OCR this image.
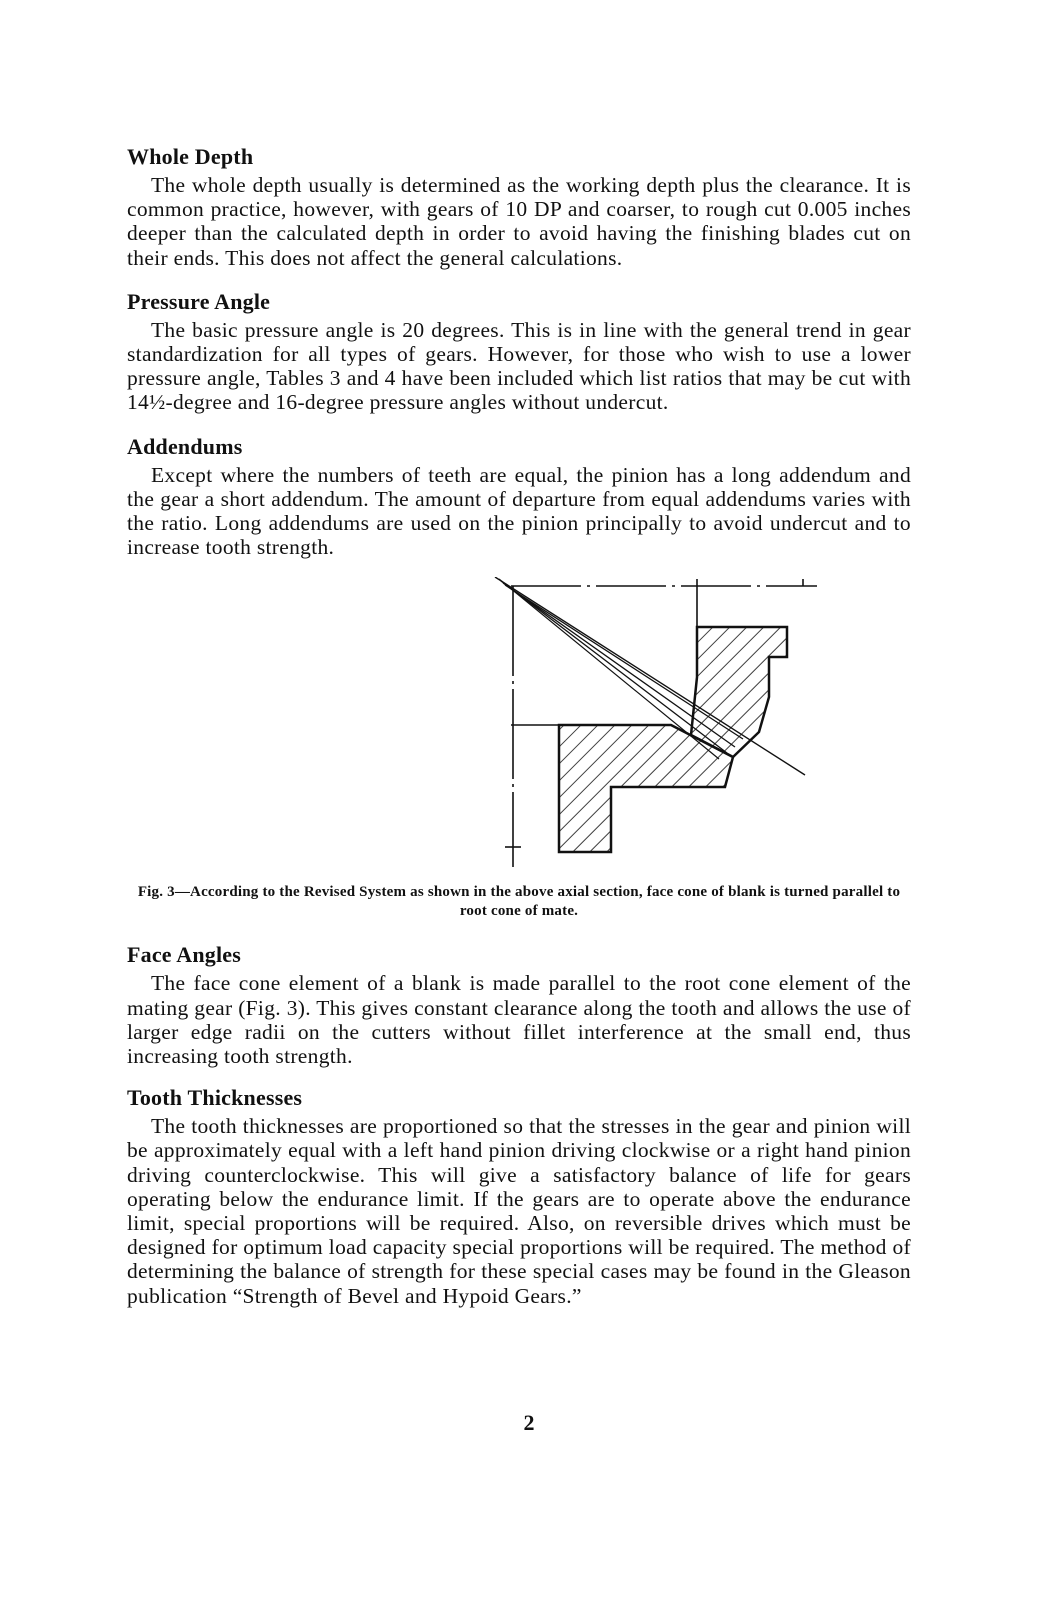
Whole Depth

The whole depth usually is determined as the working depth plus the clearance. It is common practice, however, with gears of 10 DP and coarser, to rough cut 0.005 inches deeper than the calculated depth in order to avoid having the finishing blades cut on their ends. This does not affect the general calculations.

Pressure Angle

The basic pressure angle is 20 degrees. This is in line with the general trend in gear standardization for all types of gears. However, for those who wish to use a lower pressure angle, Tables 3 and 4 have been included which list ratios that may be cut with 14½-degree and 16-degree pressure angles without undercut.

Addendums

Except where the numbers of teeth are equal, the pinion has a long addendum and the gear a short addendum. The amount of departure from equal addendums varies with the ratio. Long addendums are used on the pinion principally to avoid undercut and to increase tooth strength.

Fig. 3—According to the Revised System as shown in the above axial section, face cone of blank is turned parallel to root cone of mate.
Face Angles

The face cone element of a blank is made parallel to the root cone element of the mating gear (Fig. 3). This gives constant clearance along the tooth and allows the use of larger edge radii on the cutters without fillet interference at the small end, thus increasing tooth strength.

Tooth Thicknesses

The tooth thicknesses are proportioned so that the stresses in the gear and pinion will be approximately equal with a left hand pinion driving clockwise or a right hand pinion driving counterclockwise. This will give a satisfactory balance of life for gears operating below the endurance limit. If the gears are to operate above the endurance limit, special proportions will be required. Also, on reversible drives which must be designed for optimum load capacity special proportions will be required. The method of determining the balance of strength for these special cases may be found in the Gleason publication “Strength of Bevel and Hypoid Gears.”

2
